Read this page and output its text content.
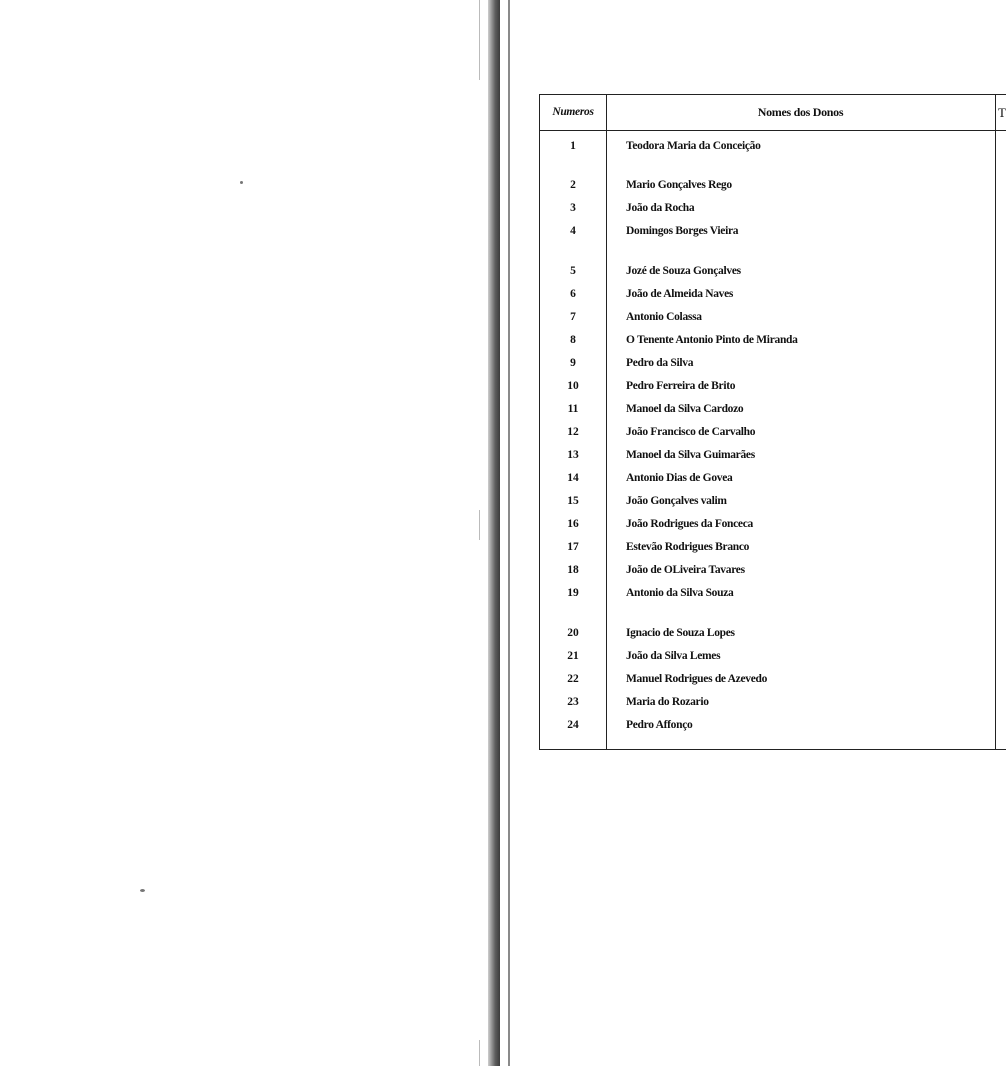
Numeros	Nomes dos Donos	T
1	Teodora Maria da Conceição
2	Mario Gonçalves Rego
3	João da Rocha
4	Domingos Borges Vieira
5	Jozé de Souza Gonçalves
6	João de Almeida Naves
7	Antonio Colassa
8	O Tenente Antonio Pinto de Miranda
9	Pedro da Silva
10	Pedro Ferreira de Brito
11	Manoel da Silva Cardozo
12	João Francisco de Carvalho
13	Manoel da Silva Guimarães
14	Antonio Dias de Govea
15	João Gonçalves valim
16	João Rodrigues da Fonceca
17	Estevão Rodrigues Branco
18	João de OLiveira Tavares
19	Antonio da Silva Souza
20	Ignacio de Souza Lopes
21	João da Silva Lemes
22	Manuel Rodrigues de Azevedo
23	Maria do Rozario
24	Pedro Affonço
